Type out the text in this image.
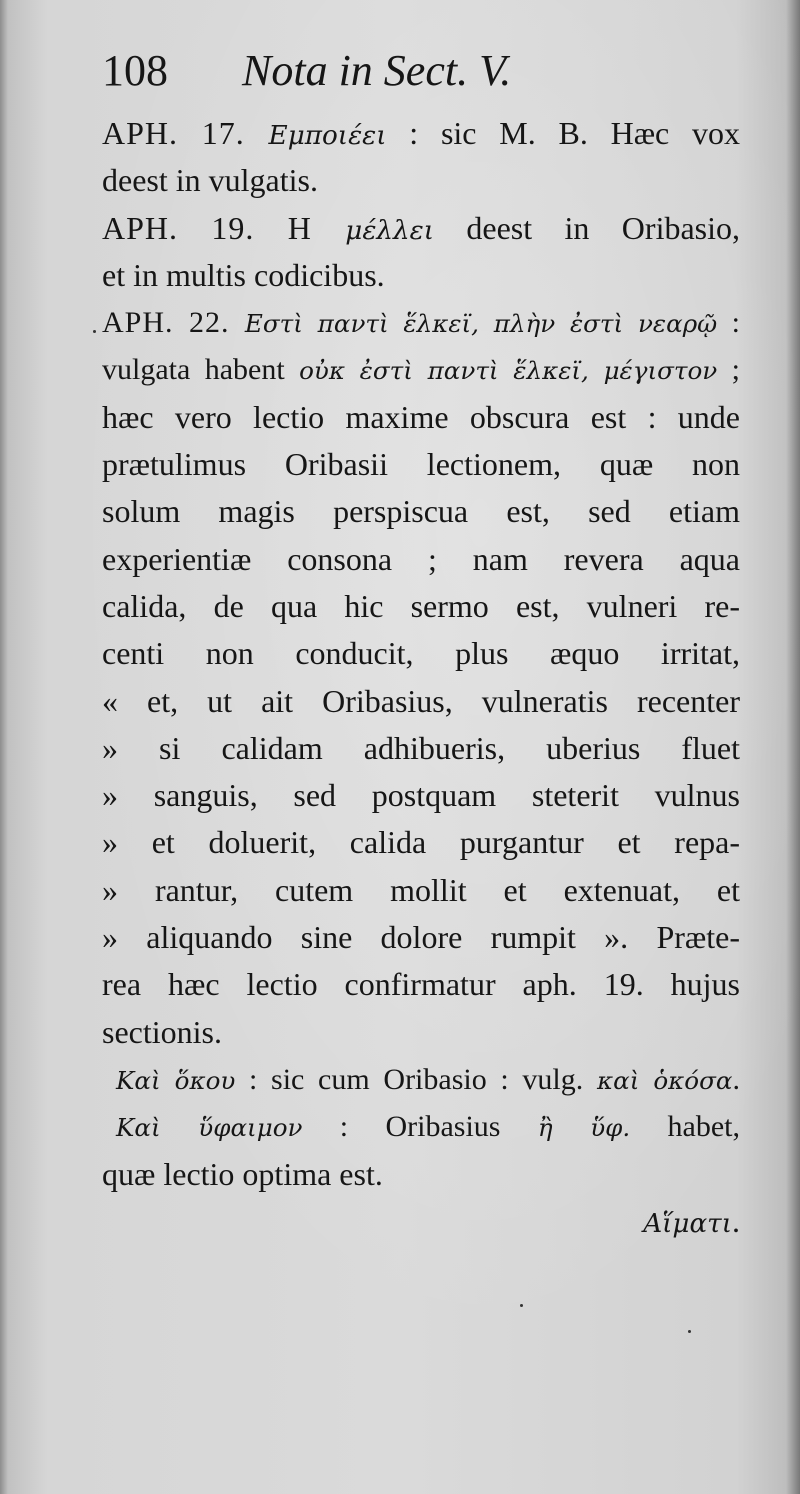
108 Nota in Sect. V.
APH. 17. Εμποιέει : sic M. B. Hæc vox
deest in vulgatis.
APH. 19. H μέλλει deest in Oribasio,
et in multis codicibus.
APH. 22. Εστὶ παντὶ ἕλκεϊ, πλὴν ἐστὶ νεαρῷ :
vulgata habent οὐκ ἐστὶ παντὶ ἕλκεϊ, μέγιστον ;
hæc vero lectio maxime obscura est : unde
prætulimus Oribasii lectionem, quæ non
solum magis perspiscua est, sed etiam
experientiæ consona ; nam revera aqua
calida, de qua hic sermo est, vulneri re-
centi non conducit, plus æquo irritat,
« et, ut ait Oribasius, vulneratis recenter
» si calidam adhibueris, uberius fluet
» sanguis, sed postquam steterit vulnus
» et doluerit, calida purgantur et repa-
» rantur, cutem mollit et extenuat, et
» aliquando sine dolore rumpit ». Præte-
rea hæc lectio confirmatur aph. 19. hujus
sectionis.
Καὶ ὅκου : sic cum Oribasio : vulg. καὶ ὁκόσα.
Καὶ ὕφαιμον : Oribasius ἢ ὕφ. habet,
quæ lectio optima est.
Αἵματι.
